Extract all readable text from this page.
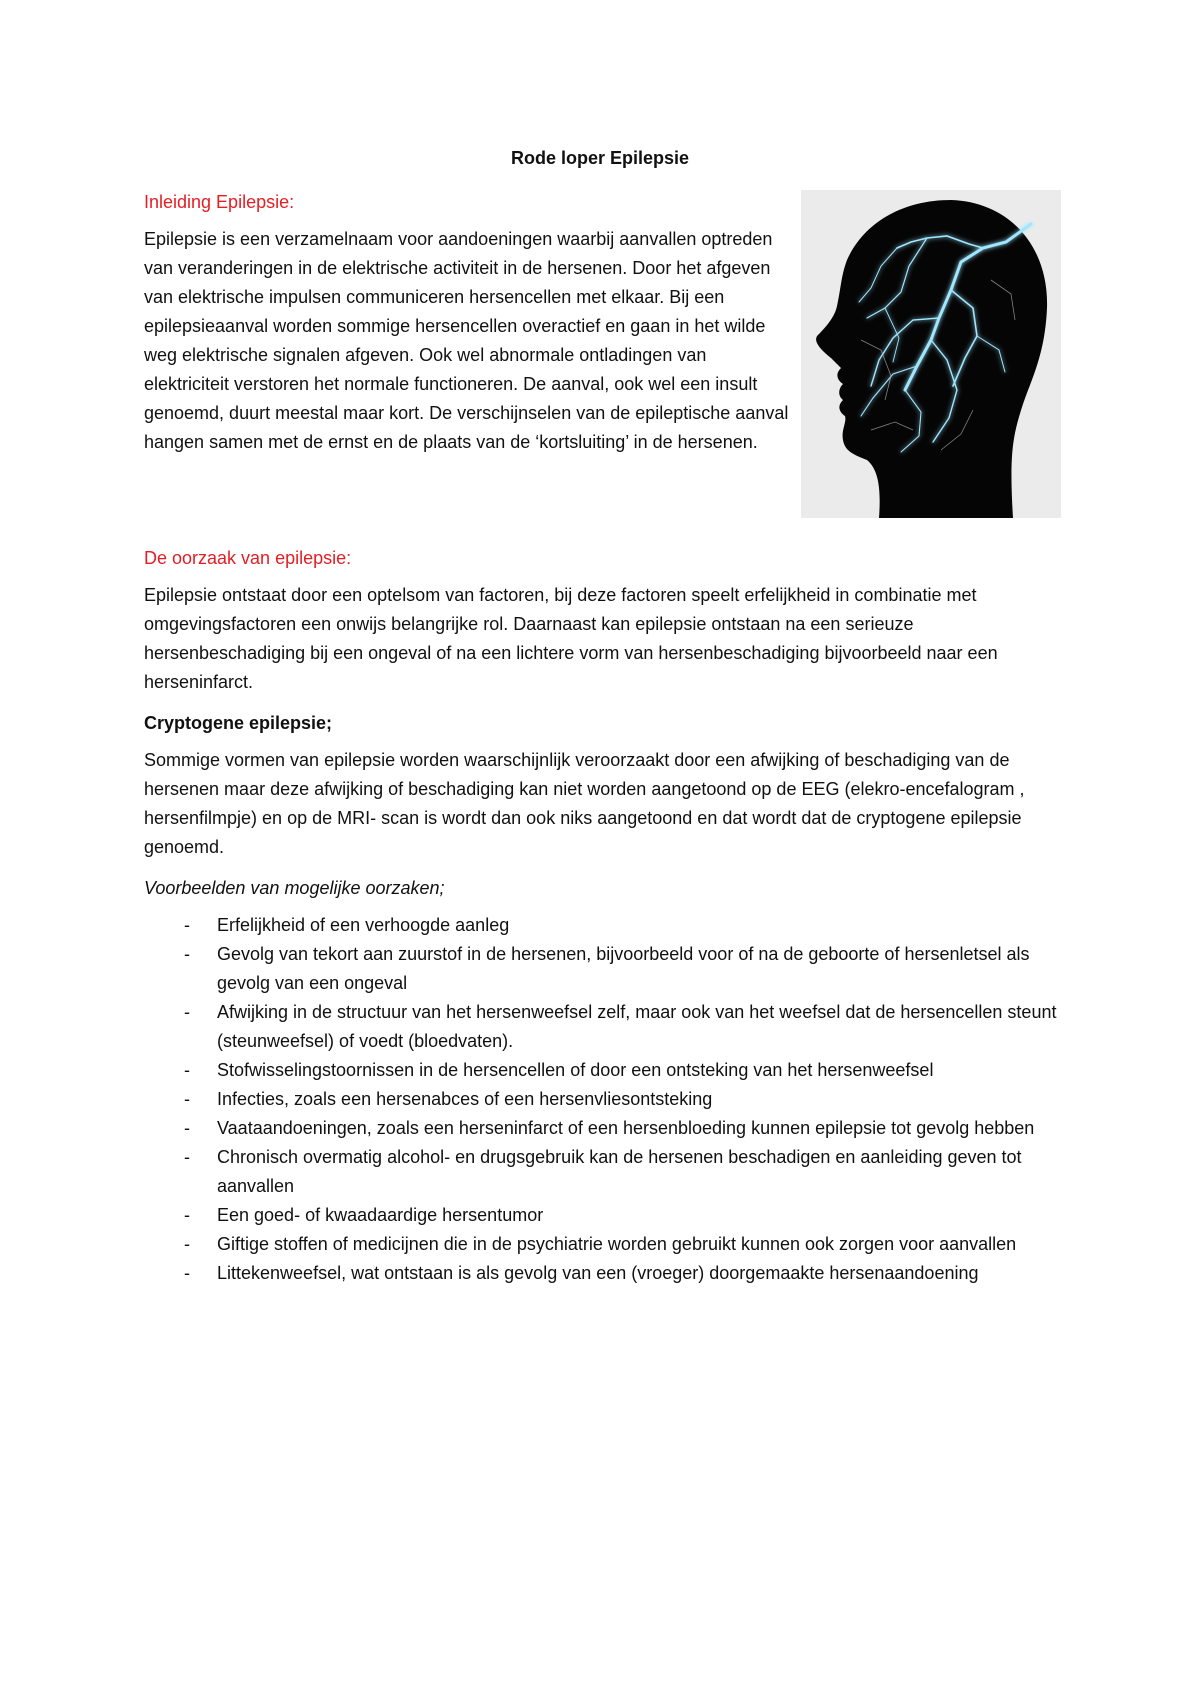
Rode loper Epilepsie

Inleiding Epilepsie:

Epilepsie is een verzamelnaam voor aandoeningen waarbij aanvallen optreden van veranderingen in de elektrische activiteit in de hersenen. Door het afgeven van elektrische impulsen communiceren hersencellen met elkaar. Bij een epilepsieaanval worden sommige hersencellen overactief en gaan in het wilde weg elektrische signalen afgeven. Ook wel abnormale ontladingen van elektriciteit verstoren het normale functioneren. De aanval, ook wel een insult genoemd, duurt meestal maar kort. De verschijnselen van de epileptische aanval hangen samen met de ernst en de plaats van de ‘kortsluiting’ in de hersenen.

De oorzaak van epilepsie:

Epilepsie ontstaat door een optelsom van factoren, bij deze factoren speelt erfelijkheid in combinatie met omgevingsfactoren een onwijs belangrijke rol. Daarnaast kan epilepsie ontstaan na een serieuze hersenbeschadiging bij een ongeval of na een lichtere vorm van hersenbeschadiging bijvoorbeeld naar een herseninfarct.

Cryptogene epilepsie;

Sommige vormen van epilepsie worden waarschijnlijk veroorzaakt door een afwijking of beschadiging van de hersenen maar deze afwijking of beschadiging kan niet worden aangetoond op de EEG (elekro-encefalogram , hersenfilmpje) en op de MRI- scan is wordt dan ook niks aangetoond en dat wordt dat de cryptogene epilepsie genoemd.

Voorbeelden van mogelijke oorzaken;

- Erfelijkheid of een verhoogde aanleg
- Gevolg van tekort aan zuurstof in de hersenen, bijvoorbeeld voor of na de geboorte of hersenletsel als gevolg van een ongeval
- Afwijking in de structuur van het hersenweefsel zelf, maar ook van het weefsel dat de hersencellen steunt (steunweefsel) of voedt (bloedvaten).
- Stofwisselingstoornissen in de hersencellen of door een ontsteking van het hersenweefsel
- Infecties, zoals een hersenabces of een hersenvliesontsteking
- Vaataandoeningen, zoals een herseninfarct of een hersenbloeding kunnen epilepsie tot gevolg hebben
- Chronisch overmatig alcohol- en drugsgebruik kan de hersenen beschadigen en aanleiding geven tot aanvallen
- Een goed- of kwaadaardige hersentumor
- Giftige stoffen of medicijnen die in de psychiatrie worden gebruikt kunnen ook zorgen voor aanvallen
- Littekenweefsel, wat ontstaan is als gevolg van een (vroeger) doorgemaakte hersenaandoening
